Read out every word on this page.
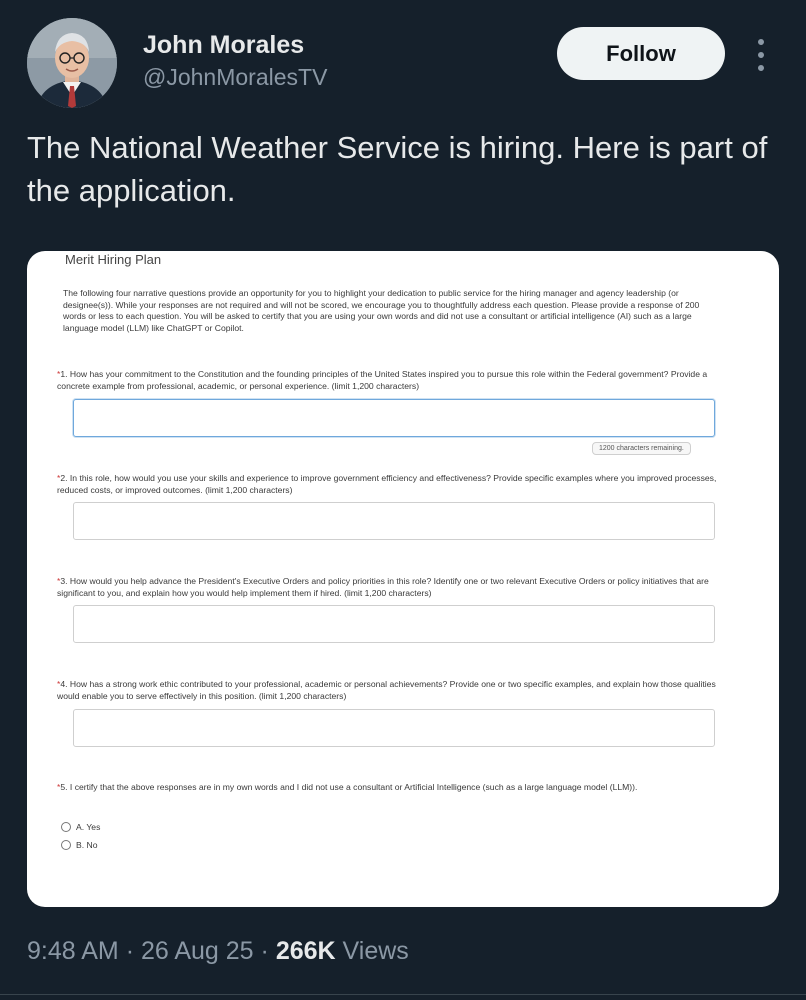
John Morales
@JohnMoralesTV
Follow
The National Weather Service is hiring. Here is part of the application.
Merit Hiring Plan
The following four narrative questions provide an opportunity for you to highlight your dedication to public service for the hiring manager and agency leadership (or designee(s)). While your responses are not required and will not be scored, we encourage you to thoughtfully address each question. Please provide a response of 200 words or less to each question. You will be asked to certify that you are using your own words and did not use a consultant or artificial intelligence (AI) such as a large language model (LLM) like ChatGPT or Copilot.
*1. How has your commitment to the Constitution and the founding principles of the United States inspired you to pursue this role within the Federal government? Provide a concrete example from professional, academic, or personal experience. (limit 1,200 characters)
1200 characters remaining.
*2. In this role, how would you use your skills and experience to improve government efficiency and effectiveness? Provide specific examples where you improved processes, reduced costs, or improved outcomes. (limit 1,200 characters)
*3. How would you help advance the President's Executive Orders and policy priorities in this role? Identify one or two relevant Executive Orders or policy initiatives that are significant to you, and explain how you would help implement them if hired. (limit 1,200 characters)
*4. How has a strong work ethic contributed to your professional, academic or personal achievements? Provide one or two specific examples, and explain how those qualities would enable you to serve effectively in this position. (limit 1,200 characters)
*5. I certify that the above responses are in my own words and I did not use a consultant or Artificial Intelligence (such as a large language model (LLM)).
A. Yes
B. No
9:48 AM · 26 Aug 25 · 266K Views
